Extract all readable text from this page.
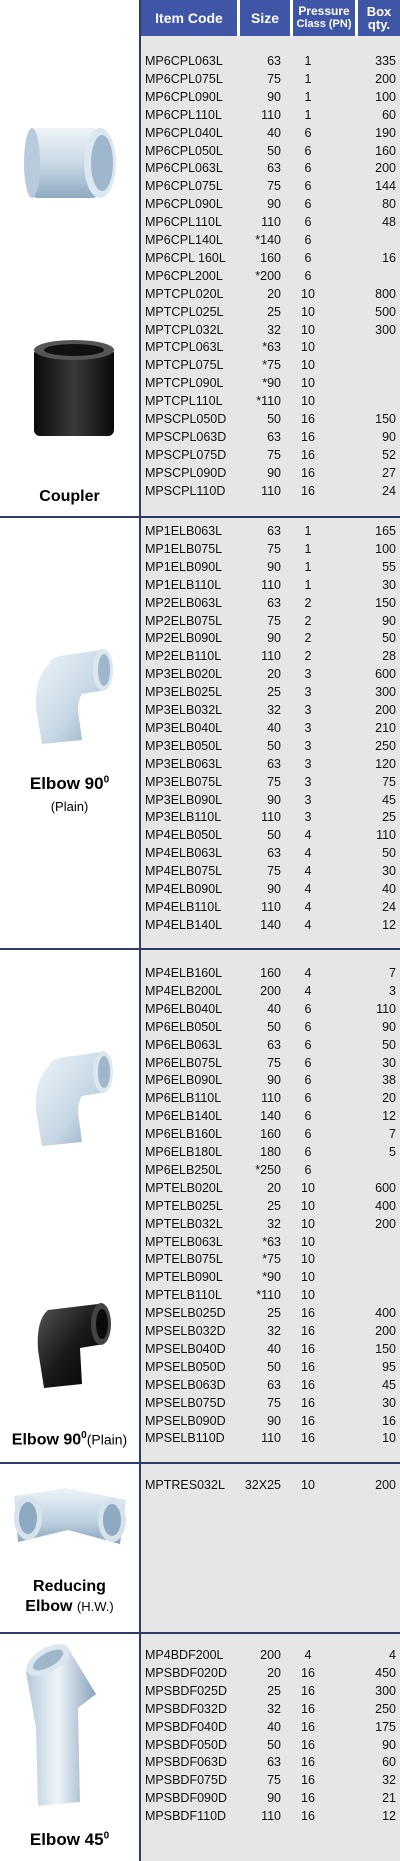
Item Code Size Pressure
Class (PN)
Box
qty.
Coupler
MP6CPL063L	63	1	335
MP6CPL075L	75	1	200
MP6CPL090L	90	1	100
MP6CPL110L	110	1	60
MP6CPL040L	40	6	190
MP6CPL050L	50	6	160
MP6CPL063L	63	6	200
MP6CPL075L	75	6	144
MP6CPL090L	90	6	80
MP6CPL110L	110	6	48
MP6CPL140L	*140	6
MP6CPL 160L	160	6	16
MP6CPL200L	*200	6
MPTCPL020L	20	10	800
MPTCPL025L	25	10	500
MPTCPL032L	32	10	300
MPTCPL063L	*63	10
MPTCPL075L	*75	10
MPTCPL090L	*90	10
MPTCPL110L	*110	10
MPSCPL050D	50	16	150
MPSCPL063D	63	16	90
MPSCPL075D	75	16	52
MPSCPL090D	90	16	27
MPSCPL110D	110	16	24
Elbow $90^0$
(Plain)
MP1ELB063L	63	1	165
MP1ELB075L	75	1	100
MP1ELB090L	90	1	55
MP1ELB110L	110	1	30
MP2ELB063L	63	2	150
MP2ELB075L	75	2	90
MP2ELB090L	90	2	50
MP2ELB110L	110	2	28
MP3ELB020L	20	3	600
MP3ELB025L	25	3	300
MP3ELB032L	32	3	200
MP3ELB040L	40	3	210
MP3ELB050L	50	3	250
MP3ELB063L	63	3	120
MP3ELB075L	75	3	75
MP3ELB090L	90	3	45
MP3ELB110L	110	3	25
MP4ELB050L	50	4	110
MP4ELB063L	63	4	50
MP4ELB075L	75	4	30
MP4ELB090L	90	4	40
MP4ELB110L	110	4	24
MP4ELB140L	140	4	12
Elbow $90^0(Plain)$
MP4ELB160L	160	4	7
MP4ELB200L	200	4	3
MP6ELB040L	40	6	110
MP6ELB050L	50	6	90
MP6ELB063L	63	6	50
MP6ELB075L	75	6	30
MP6ELB090L	90	6	38
MP6ELB110L	110	6	20
MP6ELB140L	140	6	12
MP6ELB160L	160	6	7
MP6ELB180L	180	6	5
MP6ELB250L	*250	6
MPTELB020L	20	10	600
MPTELB025L	25	10	400
MPTELB032L	32	10	200
MPTELB063L	*63	10
MPTELB075L	*75	10
MPTELB090L	*90	10
MPTELB110L	*110	10
MPSELB025D	25	16	400
MPSELB032D	32	16	200
MPSELB040D	40	16	150
MPSELB050D	50	16	95
MPSELB063D	63	16	45
MPSELB075D	75	16	30
MPSELB090D	90	16	16
MPSELB110D	110	16	10
Reducing
Elbow (H.W.)
MPTRES032L	32X25	10	200
Elbow $45^0$
MP4BDF200L	200	4	4
MPSBDF020D	20	16	450
MPSBDF025D	25	16	300
MPSBDF032D	32	16	250
MPSBDF040D	40	16	175
MPSBDF050D	50	16	90
MPSBDF063D	63	16	60
MPSBDF075D	75	16	32
MPSBDF090D	90	16	21
MPSBDF110D	110	16	12
